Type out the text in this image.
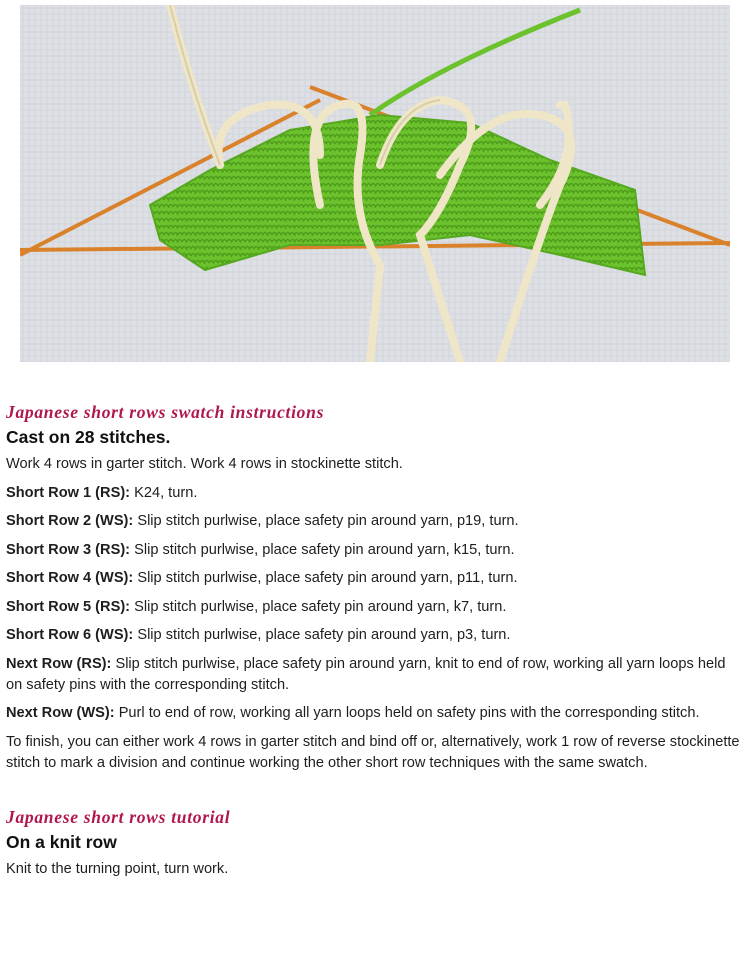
Japanese short rows swatch instructions
Cast on 28 stitches.

Work 4 rows in garter stitch. Work 4 rows in stockinette stitch.

Short Row 1 (RS): K24, turn.

Short Row 2 (WS): Slip stitch purlwise, place safety pin around yarn, p19, turn.

Short Row 3 (RS): Slip stitch purlwise, place safety pin around yarn, k15, turn.

Short Row 4 (WS): Slip stitch purlwise, place safety pin around yarn, p11, turn.

Short Row 5 (RS): Slip stitch purlwise, place safety pin around yarn, k7, turn.

Short Row 6 (WS): Slip stitch purlwise, place safety pin around yarn, p3, turn.

Next Row (RS): Slip stitch purlwise, place safety pin around yarn, knit to end of row, working all yarn loops held on safety pins with the corresponding stitch.

Next Row (WS): Purl to end of row, working all yarn loops held on safety pins with the corresponding stitch.

To finish, you can either work 4 rows in garter stitch and bind off or, alternatively, work 1 row of reverse stockinette stitch to mark a division and continue working the other short row techniques with the same swatch.

Japanese short rows tutorial
On a knit row

Knit to the turning point, turn work.
